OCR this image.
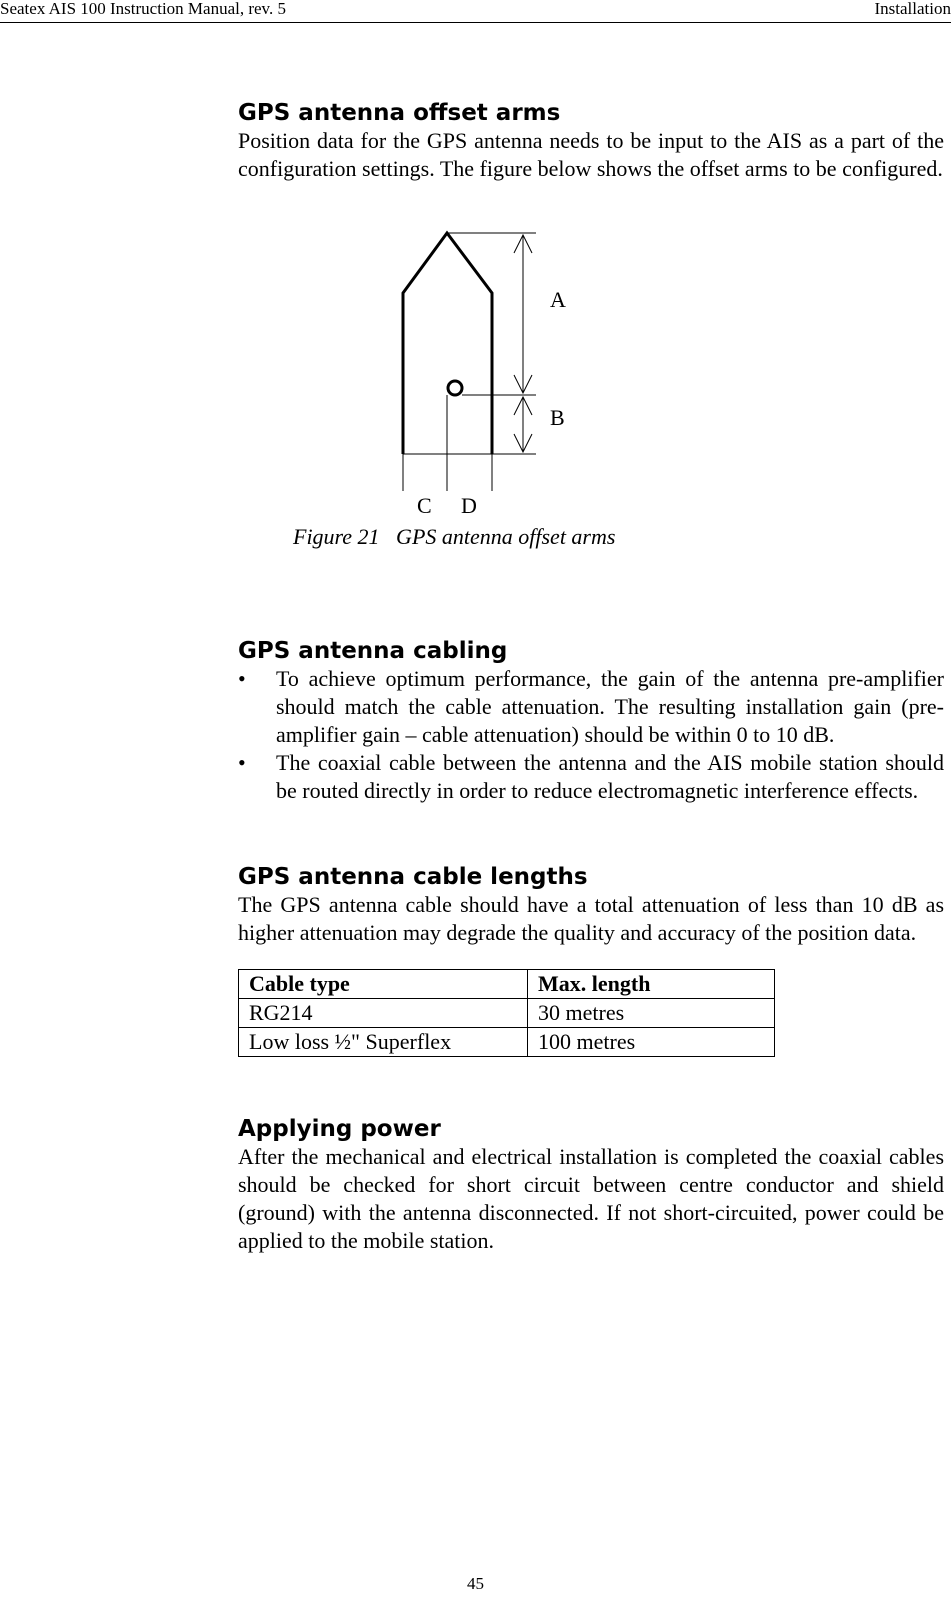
Seatex AIS 100 Instruction Manual, rev. 5	Installation
GPS antenna offset arms

Position data for the GPS antenna needs to be input to the AIS as a part of the configuration settings. The figure below shows the offset arms to be configured.

A
B
C D
Figure 21   GPS antenna offset arms
GPS antenna cabling
• To achieve optimum performance, the gain of the antenna pre-amplifier should match the cable attenuation. The resulting installation gain (pre-amplifier gain – cable attenuation) should be within 0 to 10 dB.
• The coaxial cable between the antenna and the AIS mobile station should be routed directly in order to reduce electromagnetic interference effects.
GPS antenna cable lengths

The GPS antenna cable should have a total attenuation of less than 10 dB as higher attenuation may degrade the quality and accuracy of the position data.

Cable type	Max. length
RG214	30 metres
Low loss ½" Superflex	100 metres
Applying power

After the mechanical and electrical installation is completed the coaxial cables should be checked for short circuit between centre conductor and shield (ground) with the antenna disconnected. If not short-circuited, power could be applied to the mobile station.

45
